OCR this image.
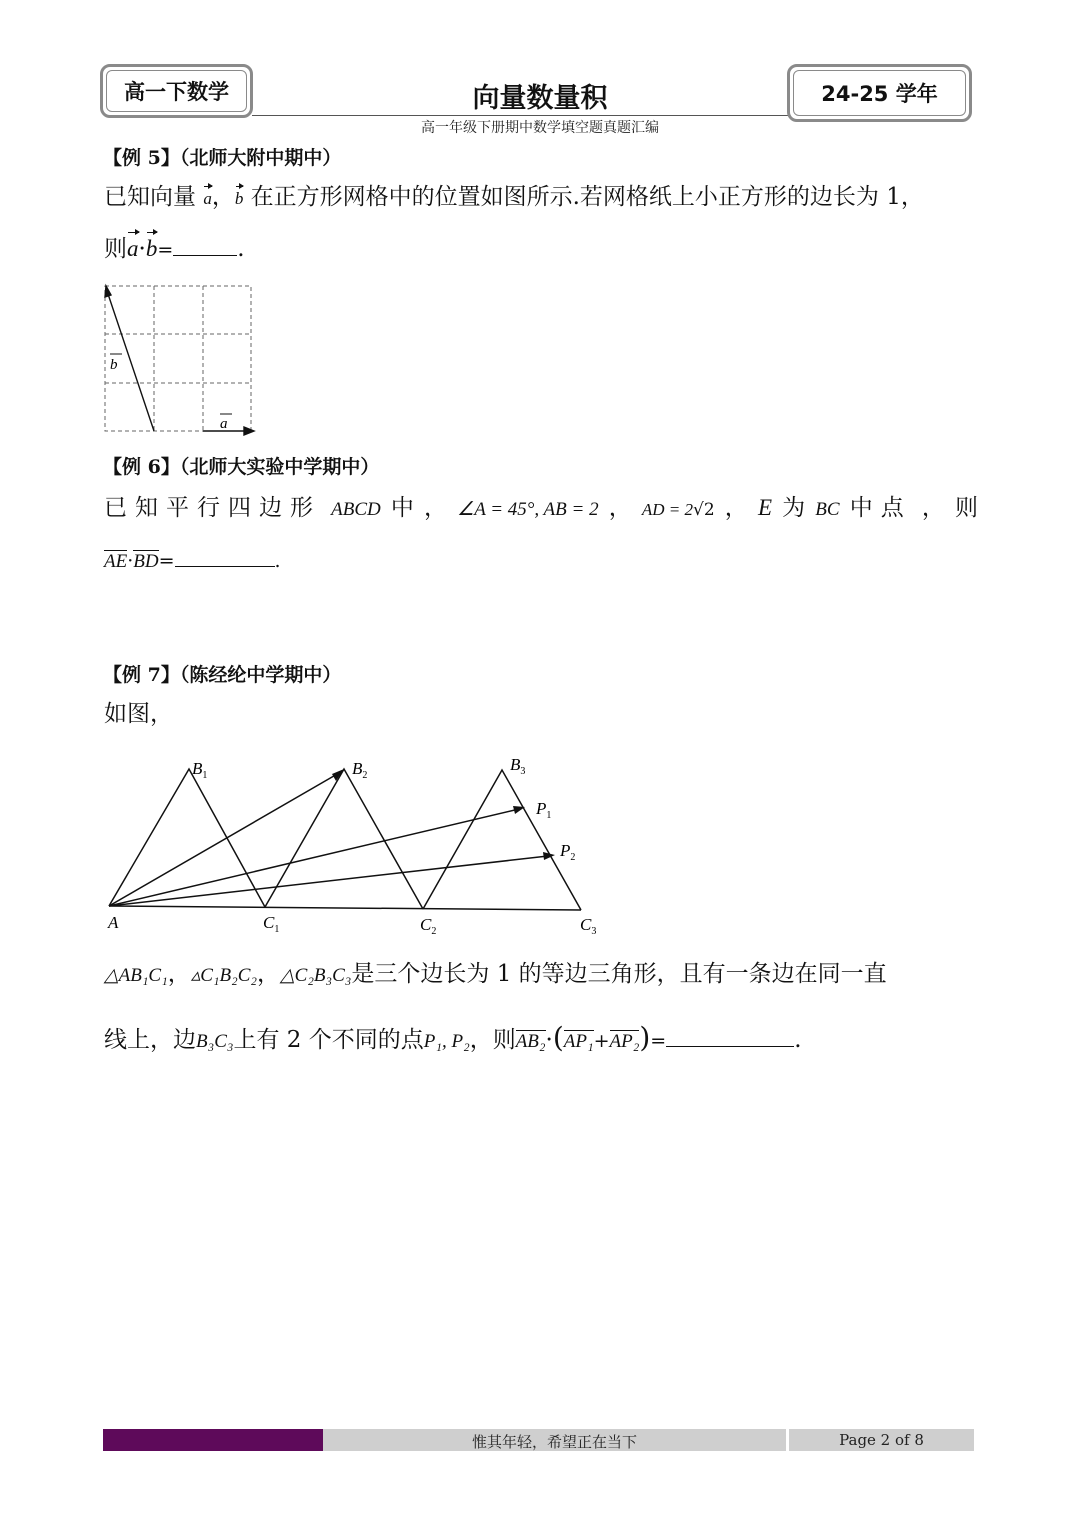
高一下数学	向量数量积
高一年级下册期中数学填空题真题汇编
24-25 学年
【例 5】（北师大附中期中）
已知向量 a，b 在正方形网格中的位置如图所示.若网格纸上小正方形的边长为 1，
则a·b=	.
b
a
【例 6】（北师大实验中学期中）
已知平行四边形 ABCD 中 ， ∠A = 45°, AB = 2 ， AD = 2√2 ， E 为 BC 中点 ， 则
AE·BD=	.
【例 7】（陈经纶中学期中）
如图，
$B_1$	$B_2$
$B_3$
$P_1$
$P_2$
A	$C_1$	$C_2$	$C_3$
△AB₁C₁，▵C₁B₂C₂，△C₂B₃C₃是三个边长为 1 的等边三角形，且有一条边在同一直
线上，边B₃C₃上有 2 个不同的点P₁, P₂，则AB₂·(AP₁+AP₂)=	.
惟其年轻，希望正在当下	Page 2 of 8
